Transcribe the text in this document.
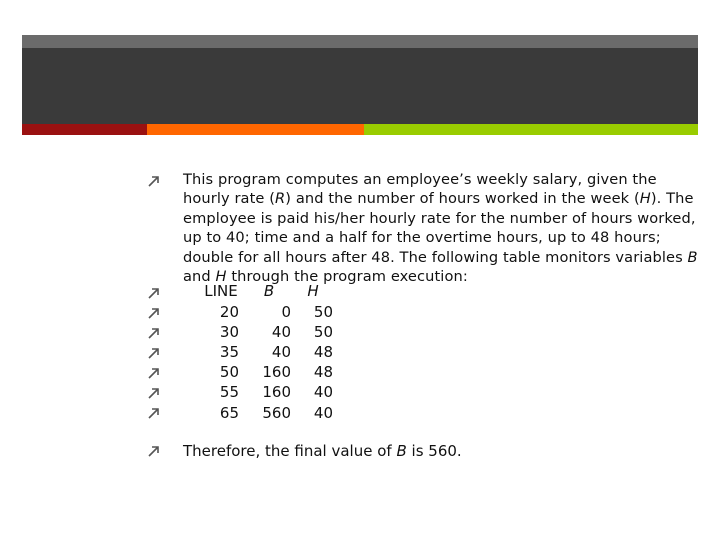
This program computes an employee’s weekly salary, given the hourly rate (R) and the number of hours worked in the week (H). The employee is paid his/her hourly rate for the number of hours worked, up to 40; time and a half for the overtime hours, up to 48 hours; double for all hours after 48. The following table monitors variables B and H through the program execution:
LINE	B	H
20	0	50
30	40	50
35	40	48
50	160	48
55	160	40
65	560	40
Therefore, the final value of B is 560.
